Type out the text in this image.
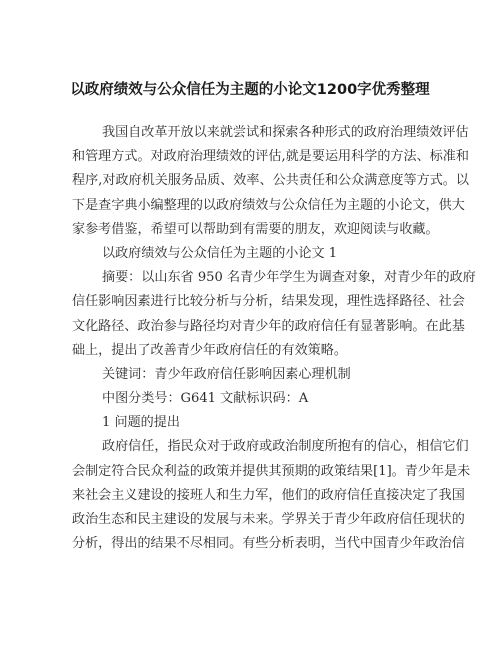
以政府绩效与公众信任为主题的小论文1200字优秀整理
我国自改革开放以来就尝试和探索各种形式的政府治理绩效评估
和管理方式。对政府治理绩效的评估,就是要运用科学的方法、标准和
程序,对政府机关服务品质、效率、公共责任和公众满意度等方式。以
下是查字典小编整理的以政府绩效与公众信任为主题的小论文，供大
家参考借鉴，希望可以帮助到有需要的朋友，欢迎阅读与收藏。
以政府绩效与公众信任为主题的小论文 1
摘要：以山东省 950 名青少年学生为调查对象，对青少年的政府
信任影响因素进行比较分析与分析，结果发现，理性选择路径、社会
文化路径、政治参与路径均对青少年的政府信任有显著影响。在此基
础上，提出了改善青少年政府信任的有效策略。
关键词：青少年政府信任影响因素心理机制
中图分类号：G641 文献标识码：A
1 问题的提出
政府信任，指民众对于政府或政治制度所抱有的信心，相信它们
会制定符合民众利益的政策并提供其预期的政策结果[1]。青少年是未
来社会主义建设的接班人和生力军，他们的政府信任直接决定了我国
政治生态和民主建设的发展与未来。学界关于青少年政府信任现状的
分析，得出的结果不尽相同。有些分析表明，当代中国青少年政治信
